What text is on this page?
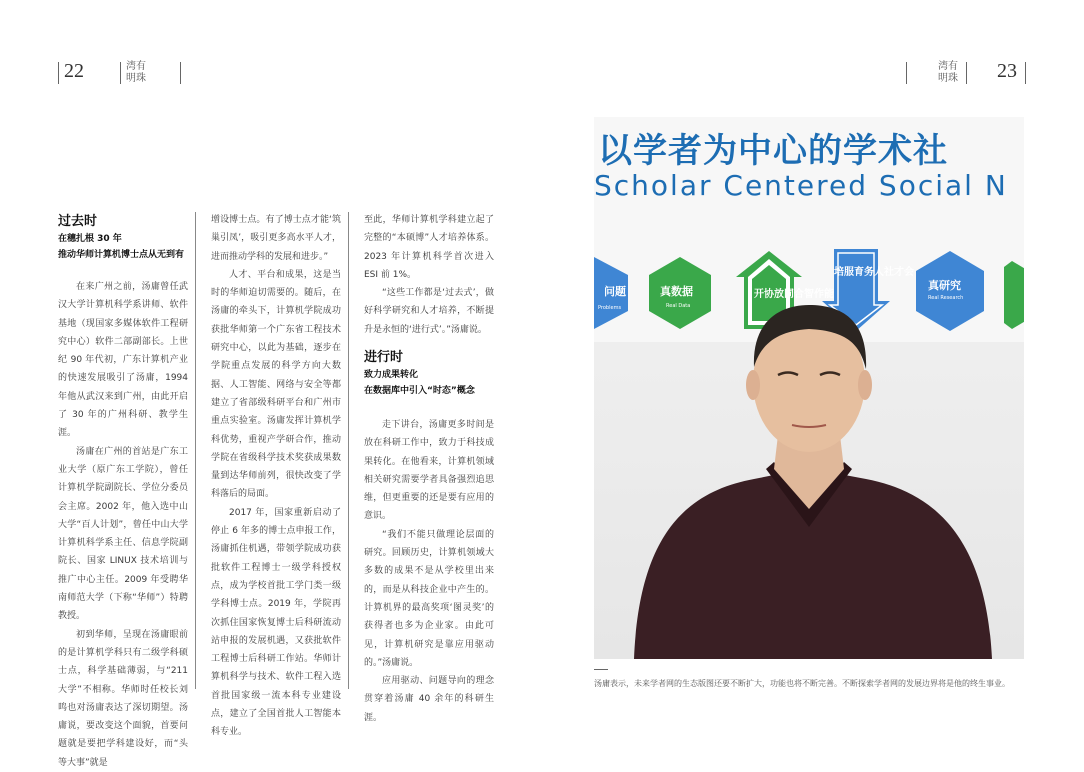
22	湾有
明珠
湾有
明珠 23
过去时
在穗扎根 30 年
推动华师计算机博士点从无到有

在来广州之前，汤庸曾任武汉大学计算机科学系讲师、软件基地（现国家多媒体软件工程研究中心）软件二部副部长。上世纪 90 年代初，广东计算机产业的快速发展吸引了汤庸，1994 年他从武汉来到广州，由此开启了 30 年的广州科研、教学生涯。

汤庸在广州的首站是广东工业大学（原广东工学院），曾任计算机学院副院长、学位分委员会主席。2002 年，他入选中山大学“百人计划”，曾任中山大学计算机科学系主任、信息学院副院长、国家 LINUX 技术培训与推广中心主任。2009 年受聘华南师范大学（下称“华师”）特聘教授。

初到华师，呈现在汤庸眼前的是计算机学科只有二级学科硕士点，科学基础薄弱，与“211 大学”不相称。华师时任校长刘鸣也对汤庸表达了深切期望。汤庸说，要改变这个面貌，首要问题就是要把学科建设好，而“头等大事”就是

增设博士点。有了博士点才能‘筑巢引凤’，吸引更多高水平人才，进而推动学科的发展和进步。”

人才、平台和成果，这是当时的华师迫切需要的。随后，在汤庸的牵头下，计算机学院成功获批华师第一个广东省工程技术研究中心，以此为基础，逐步在学院重点发展的科学方向大数据、人工智能、网络与安全等都建立了省部级科研平台和广州市重点实验室。汤庸发挥计算机学科优势，重视产学研合作，推动学院在省级科学技术奖获成果数量到达华师前列，很快改变了学科落后的局面。

2017 年，国家重新启动了停止 6 年多的博士点申报工作，汤庸抓住机遇，带领学院成功获批软件工程博士一级学科授权点，成为学校首批工学门类一级学科博士点。2019 年，学院再次抓住国家恢复博士后科研流动站申报的发展机遇，又获批软件工程博士后科研工作站。华师计算机科学与技术、软件工程入选首批国家级一流本科专业建设点，建立了全国首批人工智能本科专业。

至此，华师计算机学科建立起了完整的“本硕博”人才培养体系。2023 年计算机科学首次进入 ESI 前 1%。

“这些工作都是‘过去式’，做好科学研究和人才培养，不断提升是永恒的‘进行式’。”汤庸说。

进行时
致力成果转化
在数据库中引入“时态”概念

走下讲台，汤庸更多时间是放在科研工作中，致力于科技成果转化。在他看来，计算机领域相关研究需要学者具备强烈追思维，但更重要的还是要有应用的意识。

“我们不能只做理论层面的研究。回顾历史，计算机领域大多数的成果不是从学校里出来的，而是从科技企业中产生的。计算机界的最高奖项‘图灵奖’的获得者也多为企业家。由此可见，计算机研究是靠应用驱动的。”汤庸说。

应用驱动、问题导向的理念贯穿着汤庸 40 余年的科研生涯。

以学者为中心的学术社
Scholar Centered Social N
问题
Problems
真数据
Real Data
开协放同合智作能
培服育务人社才会
真研究
Real Research
汤庸表示，未来学者网的生态版图还要不断扩大，功能也将不断完善。不断探索学者网的发展边界将是他的终生事业。
